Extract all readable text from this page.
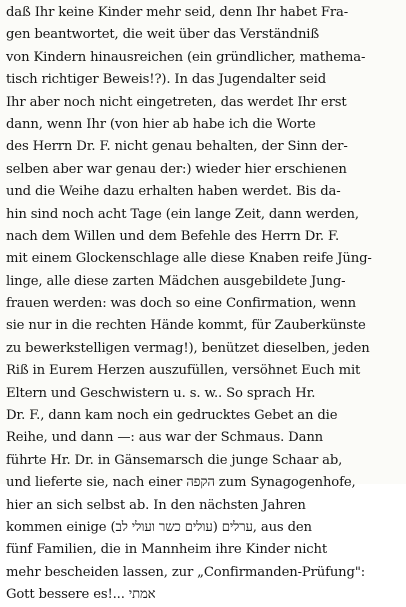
daß Ihr keine Kinder mehr seid, denn Ihr habet Fra-
gen beantwortet, die weit über das Verständniß
von Kindern hinausreichen (ein gründlicher, mathema-
tisch richtiger Beweis!?). In das Jugendalter seid
Ihr aber noch nicht eingetreten, das werdet Ihr erst
dann, wenn Ihr (von hier ab habe ich die Worte
des Herrn Dr. F. nicht genau behalten, der Sinn der-
selben aber war genau der:) wieder hier erschienen
und die Weihe dazu erhalten haben werdet. Bis da-
hin sind noch acht Tage (ein lange Zeit, dann werden,
nach dem Willen und dem Befehle des Herrn Dr. F.
mit einem Glockenschlage alle diese Knaben reife Jüng-
linge, alle diese zarten Mädchen ausgebildete Jung-
frauen werden: was doch so eine Confirmation, wenn
sie nur in die rechten Hände kommt, für Zauberkünste
zu bewerkstelligen vermag!), benützet dieselben, jeden
Riß in Eurem Herzen auszufüllen, versöhnet Euch mit
Eltern und Geschwistern u. s. w.. So sprach Hr.
Dr. F., dann kam noch ein gedrucktes Gebet an die
Reihe, und dann —: aus war der Schmaus. Dann
führte Hr. Dr. in Gänsemarsch die junge Schaar ab,
und lieferte sie, nach einer הקפה zum Synagogenhofe,
hier an sich selbst ab. In den nächsten Jahren
kommen einige (עולים כשר ועולי לב) ערלים, aus den
fünf Familien, die in Mannheim ihre Kinder nicht
mehr bescheiden lassen, zur „Confirmanden-Prüfung":
Gott bessere es!... אמתי
